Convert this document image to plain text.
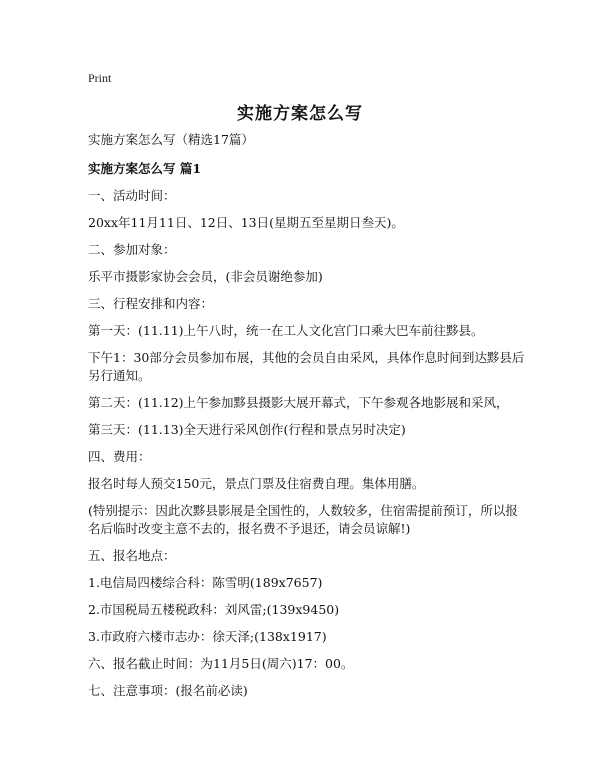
Print
实施方案怎么写
实施方案怎么写（精选17篇）
实施方案怎么写 篇1
一、活动时间：
20xx年11月11日、12日、13日(星期五至星期日叁天)。
二、参加对象：
乐平市摄影家协会会员，(非会员谢绝参加)
三、行程安排和内容：
第一天：(11.11)上午八时，统一在工人文化宫门口乘大巴车前往黟县。
下午1：30部分会员参加布展，其他的会员自由采风，具体作息时间到达黟县后另行通知。
第二天：(11.12)上午参加黟县摄影大展开幕式，下午参观各地影展和采风，
第三天：(11.13)全天进行采风创作(行程和景点另时决定)
四、费用：
报名时每人预交150元，景点门票及住宿费自理。集体用膳。
(特别提示：因此次黟县影展是全国性的，人数较多，住宿需提前预订，所以报名后临时改变主意不去的，报名费不予退还，请会员谅解!)
五、报名地点：
1.电信局四楼综合科：陈雪明(189x7657)
2.市国税局五楼税政科：刘风雷;(139x9450)
3.市政府六楼市志办：徐天泽;(138x1917)
六、报名截止时间：为11月5日(周六)17：00。
七、注意事项：(报名前必读)
